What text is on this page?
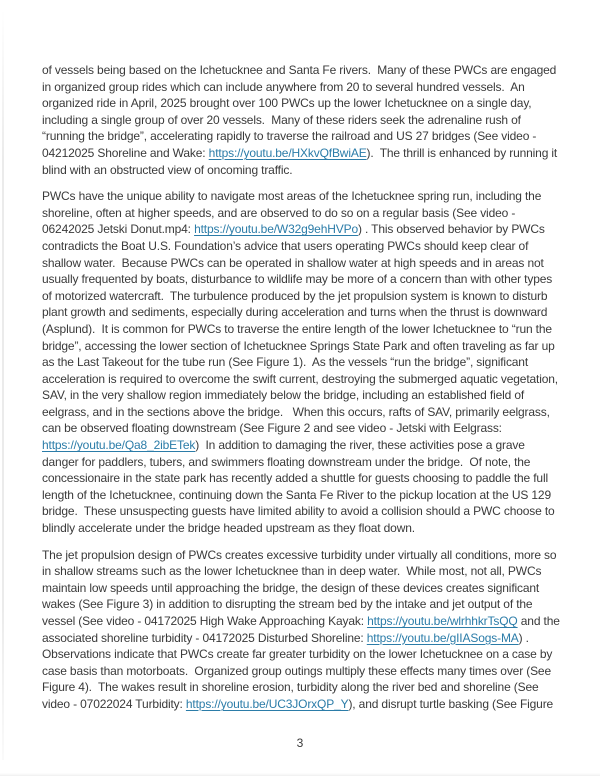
of vessels being based on the Ichetucknee and Santa Fe rivers.  Many of these PWCs are engaged in organized group rides which can include anywhere from 20 to several hundred vessels.  An organized ride in April, 2025 brought over 100 PWCs up the lower Ichetucknee on a single day, including a single group of over 20 vessels.  Many of these riders seek the adrenaline rush of “running the bridge”, accelerating rapidly to traverse the railroad and US 27 bridges (See video - 04212025 Shoreline and Wake: https://youtu.be/HXkvQfBwiAE).  The thrill is enhanced by running it blind with an obstructed view of oncoming traffic.

PWCs have the unique ability to navigate most areas of the Ichetucknee spring run, including the shoreline, often at higher speeds, and are observed to do so on a regular basis (See video - 06242025 Jetski Donut.mp4: https://youtu.be/W32g9ehHVPo) . This observed behavior by PWCs contradicts the Boat U.S. Foundation’s advice that users operating PWCs should keep clear of shallow water.  Because PWCs can be operated in shallow water at high speeds and in areas not usually frequented by boats, disturbance to wildlife may be more of a concern than with other types of motorized watercraft.  The turbulence produced by the jet propulsion system is known to disturb plant growth and sediments, especially during acceleration and turns when the thrust is downward (Asplund).  It is common for PWCs to traverse the entire length of the lower Ichetucknee to “run the bridge”, accessing the lower section of Ichetucknee Springs State Park and often traveling as far up as the Last Takeout for the tube run (See Figure 1).  As the vessels “run the bridge”, significant acceleration is required to overcome the swift current, destroying the submerged aquatic vegetation, SAV, in the very shallow region immediately below the bridge, including an established field of eelgrass, and in the sections above the bridge.   When this occurs, rafts of SAV, primarily eelgrass, can be observed floating downstream (See Figure 2 and see video - Jetski with Eelgrass: https://youtu.be/Qa8_2ibETek)  In addition to damaging the river, these activities pose a grave danger for paddlers, tubers, and swimmers floating downstream under the bridge.  Of note, the concessionaire in the state park has recently added a shuttle for guests choosing to paddle the full length of the Ichetucknee, continuing down the Santa Fe River to the pickup location at the US 129 bridge.  These unsuspecting guests have limited ability to avoid a collision should a PWC choose to blindly accelerate under the bridge headed upstream as they float down.

The jet propulsion design of PWCs creates excessive turbidity under virtually all conditions, more so in shallow streams such as the lower Ichetucknee than in deep water.  While most, not all, PWCs maintain low speeds until approaching the bridge, the design of these devices creates significant wakes (See Figure 3) in addition to disrupting the stream bed by the intake and jet output of the vessel (See video - 04172025 High Wake Approaching Kayak: https://youtu.be/wlrhhkrTsQQ and the associated shoreline turbidity - 04172025 Disturbed Shoreline: https://youtu.be/gIIASogs-MA) . Observations indicate that PWCs create far greater turbidity on the lower Ichetucknee on a case by case basis than motorboats.  Organized group outings multiply these effects many times over (See Figure 4).  The wakes result in shoreline erosion, turbidity along the river bed and shoreline (See video - 07022024 Turbidity: https://youtu.be/UC3JOrxQP_Y), and disrupt turtle basking (See Figure

3
